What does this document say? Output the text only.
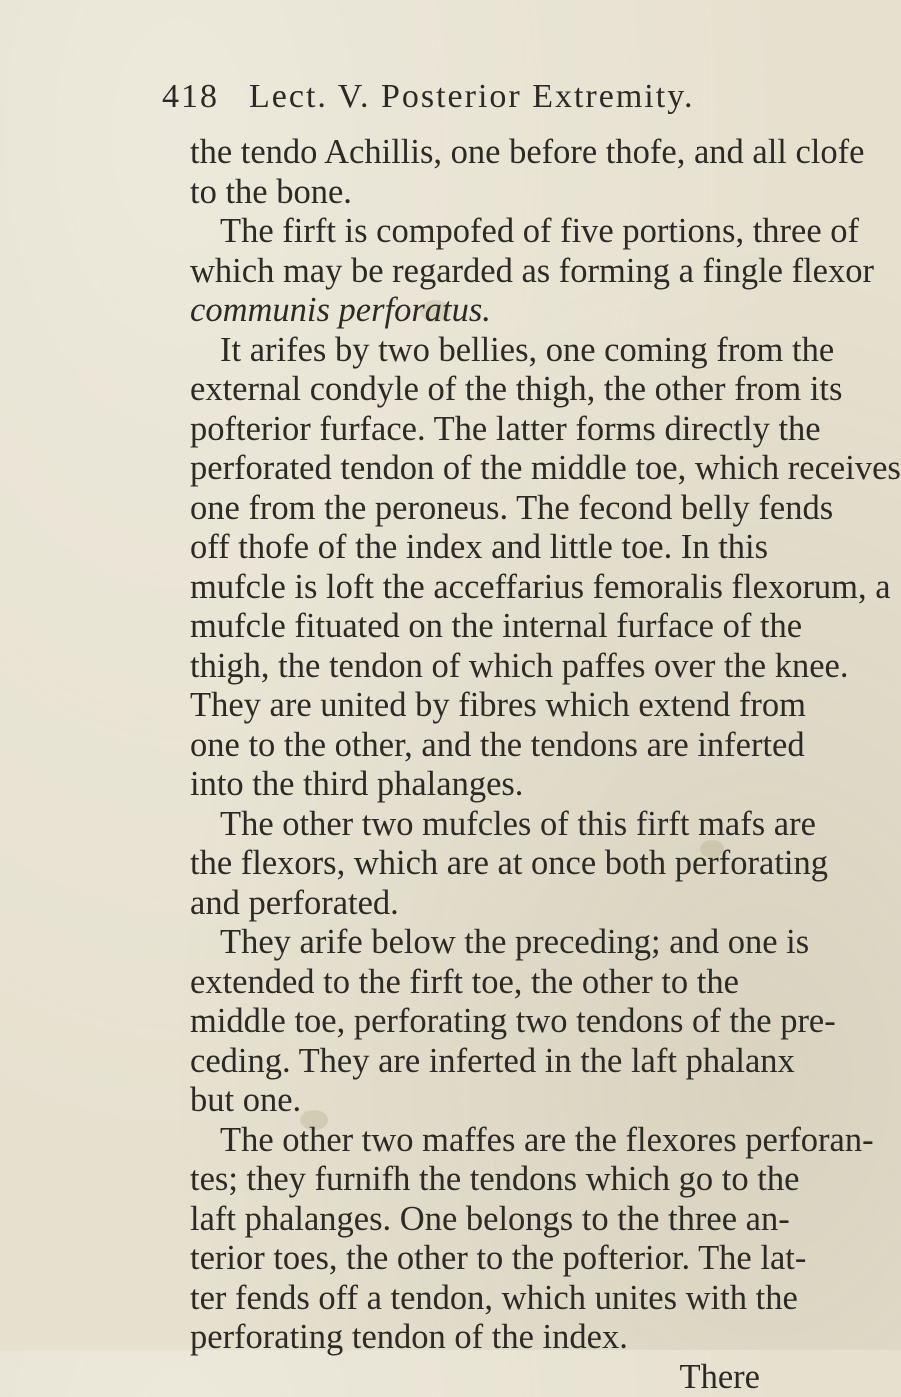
418 Lect. V. Posterior Extremity.
the tendo Achillis, one before thofe, and all clofe
to the bone.
The firft is compofed of five portions, three of
which may be regarded as forming a fingle flexor
communis perforatus.
It arifes by two bellies, one coming from the
external condyle of the thigh, the other from its
pofterior furface. The latter forms directly the
perforated tendon of the middle toe, which receives
one from the peroneus. The fecond belly fends
off thofe of the index and little toe. In this
mufcle is loft the acceffarius femoralis flexorum, a
mufcle fituated on the internal furface of the
thigh, the tendon of which paffes over the knee.
They are united by fibres which extend from
one to the other, and the tendons are inferted
into the third phalanges.
The other two mufcles of this firft mafs are
the flexors, which are at once both perforating
and perforated.
They arife below the preceding; and one is
extended to the firft toe, the other to the
middle toe, perforating two tendons of the pre-
ceding. They are inferted in the laft phalanx
but one.
The other two maffes are the flexores perforan-
tes; they furnifh the tendons which go to the
laft phalanges. One belongs to the three an-
terior toes, the other to the pofterior. The lat-
ter fends off a tendon, which unites with the
perforating tendon of the index.
There
